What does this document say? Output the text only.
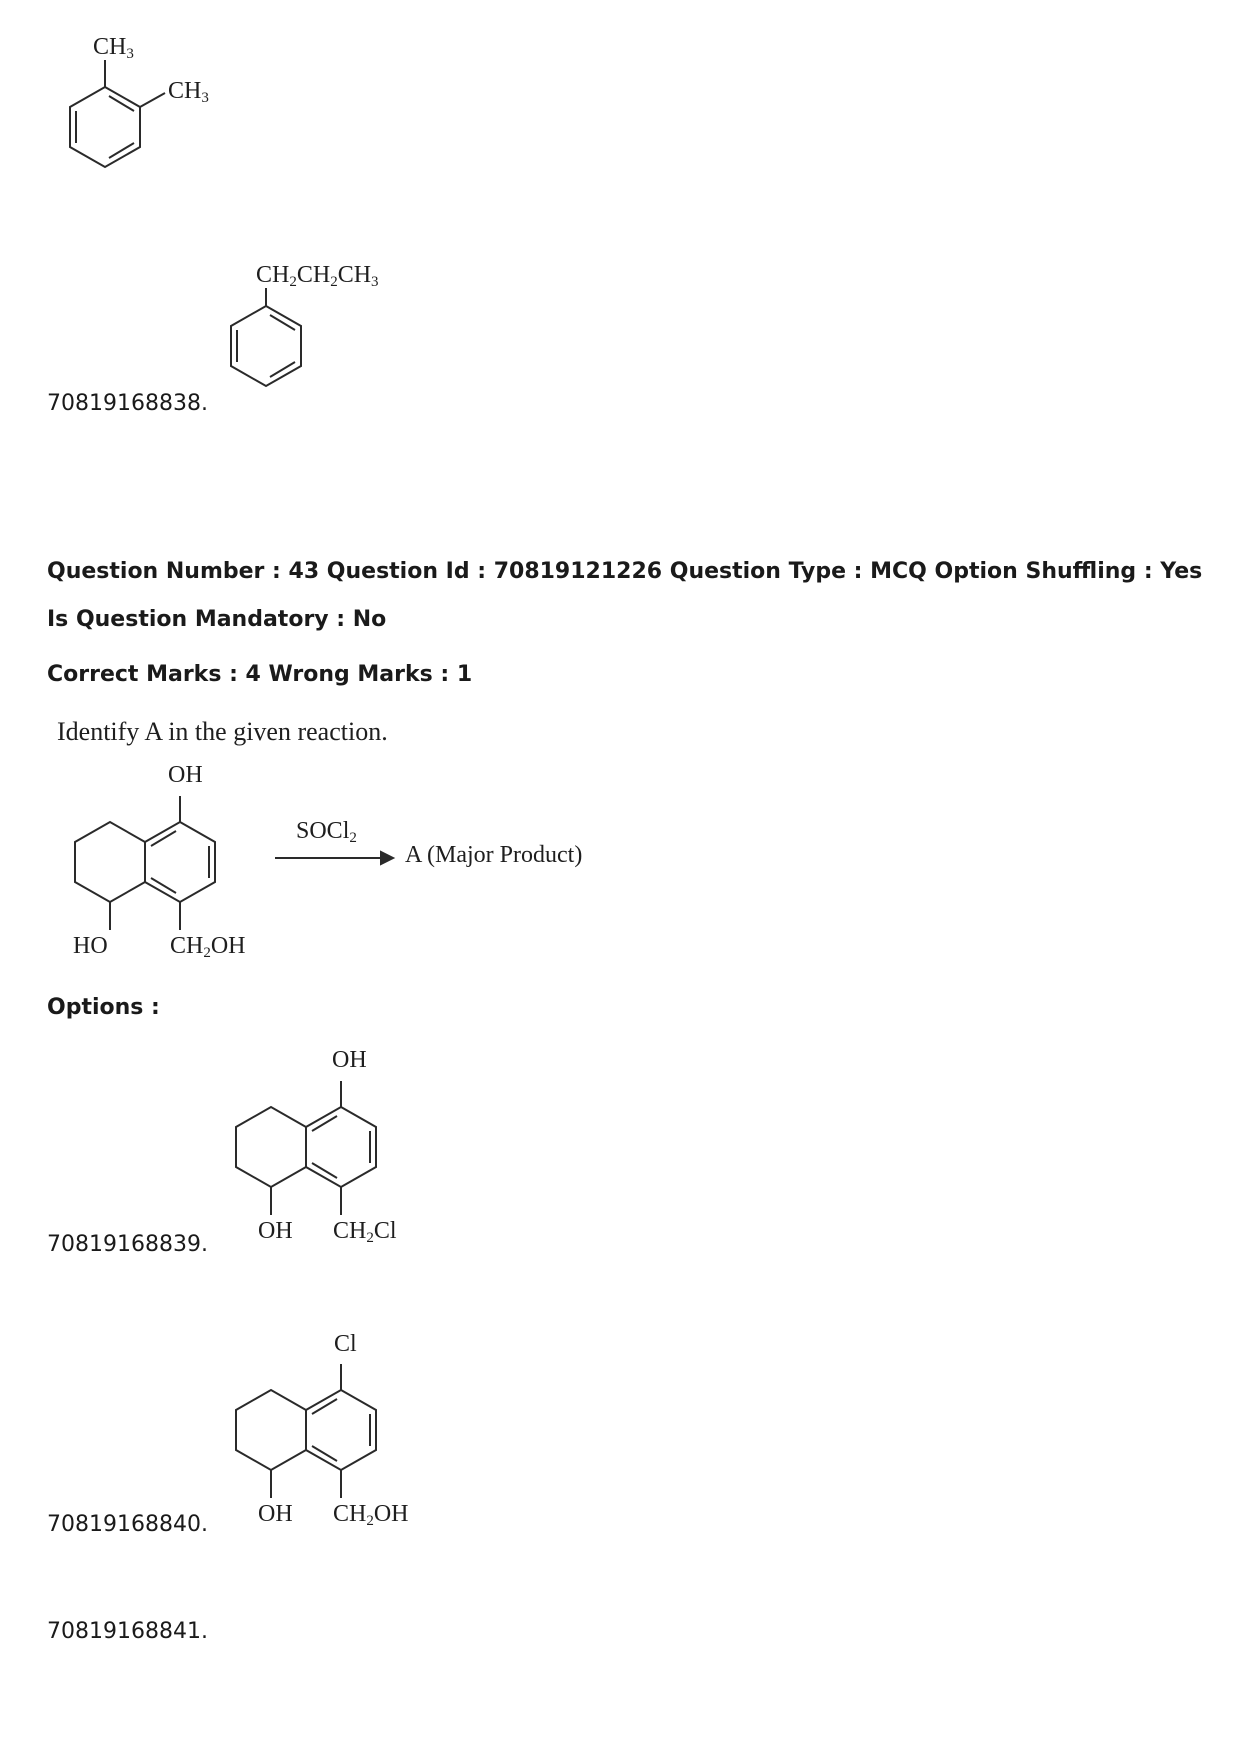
$CH_3$
$CH_3$
70819168838.
$CH_2CH_2CH_3$
Question Number : 43 Question Id : 70819121226 Question Type : MCQ Option Shuffling : Yes
Is Question Mandatory : No
Correct Marks : 4 Wrong Marks : 1
Identify A in the given reaction.
OH
HO	$CH_2OH$
SOCl$_2$
A (Major Product)
Options :
70819168839.
OH
OH $CH_2Cl$
70819168840.
Cl
OH $CH_2OH$
70819168841.
